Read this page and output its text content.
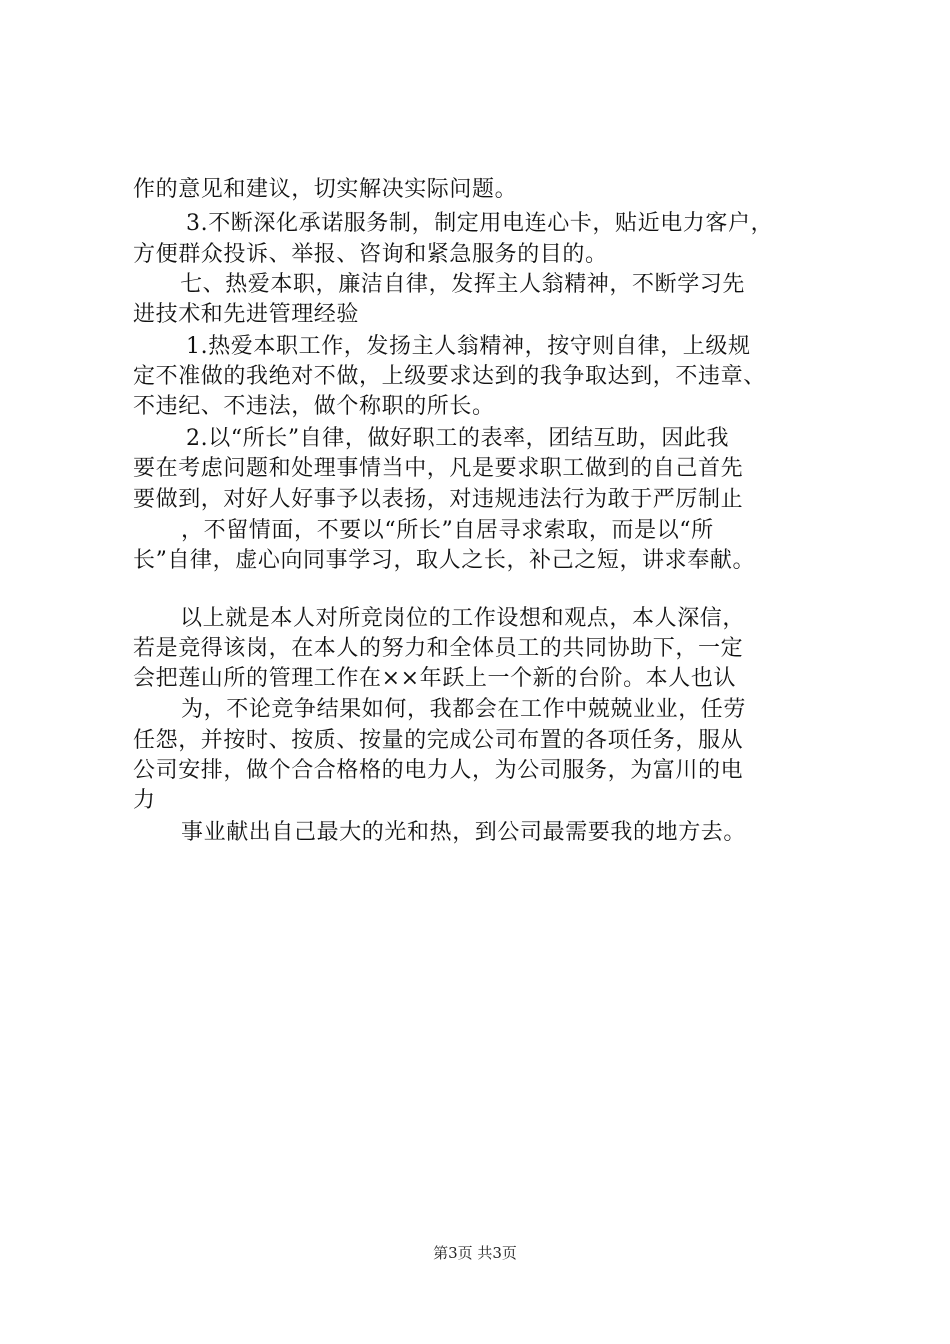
作的意见和建议，切实解决实际问题。
3.不断深化承诺服务制，制定用电连心卡，贴近电力客户，
方便群众投诉、举报、咨询和紧急服务的目的。
七、热爱本职，廉洁自律，发挥主人翁精神，不断学习先
进技术和先进管理经验
1.热爱本职工作，发扬主人翁精神，按守则自律，上级规
定不准做的我绝对不做，上级要求达到的我争取达到，不违章、
不违纪、不违法，做个称职的所长。
2.以“所长”自律，做好职工的表率，团结互助，因此我
要在考虑问题和处理事情当中，凡是要求职工做到的自己首先
要做到，对好人好事予以表扬，对违规违法行为敢于严厉制止
，不留情面，不要以“所长”自居寻求索取，而是以“所
长”自律，虚心向同事学习，取人之长，补己之短，讲求奉献。
以上就是本人对所竞岗位的工作设想和观点，本人深信，
若是竞得该岗，在本人的努力和全体员工的共同协助下，一定
会把莲山所的管理工作在××年跃上一个新的台阶。本人也认
为，不论竞争结果如何，我都会在工作中兢兢业业，任劳
任怨，并按时、按质、按量的完成公司布置的各项任务，服从
公司安排，做个合合格格的电力人，为公司服务，为富川的电
力
事业献出自己最大的光和热，到公司最需要我的地方去。
第3页 共3页
